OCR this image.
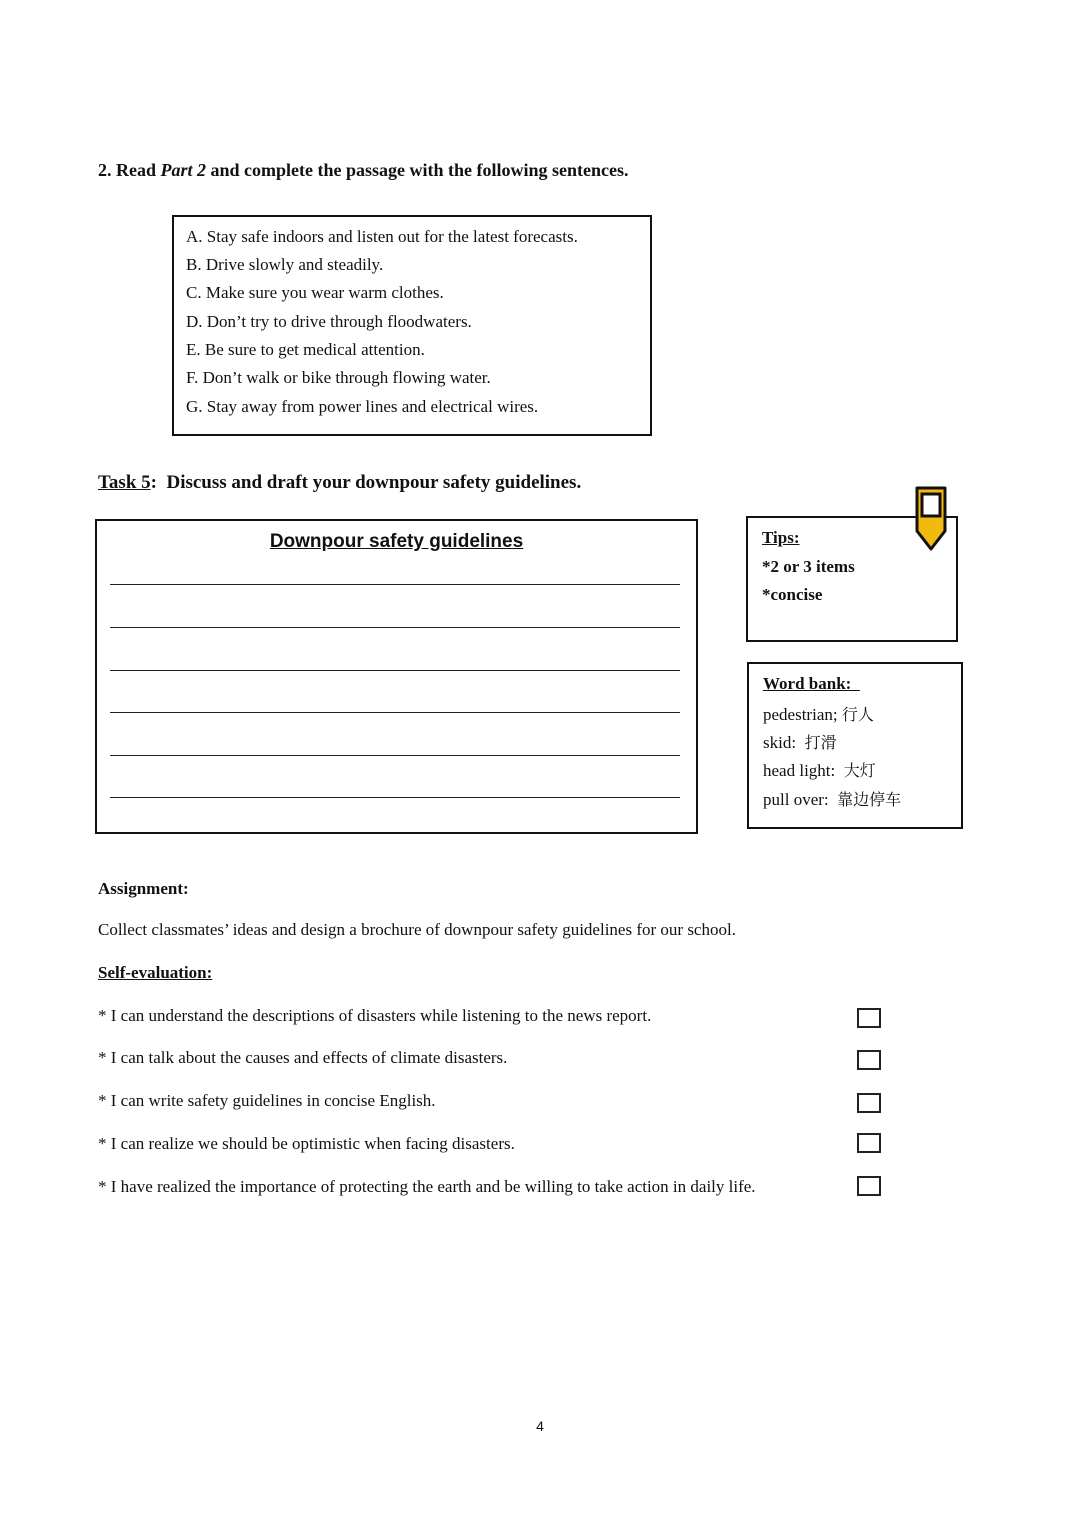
2. Read Part 2 and complete the passage with the following sentences.
A. Stay safe indoors and listen out for the latest forecasts.
B. Drive slowly and steadily.
C. Make sure you wear warm clothes.
D. Don’t try to drive through floodwaters.
E. Be sure to get medical attention.
F. Don’t walk or bike through flowing water.
G. Stay away from power lines and electrical wires.
Task 5: Discuss and draft your downpour safety guidelines.
Downpour safety guidelines	Tips:
*2 or 3 items
*concise
Word bank:
pedestrian; 行人
skid: 打滑
head light: 大灯
pull over: 靠边停车
Assignment:
Collect classmates’ ideas and design a brochure of downpour safety guidelines for our school.
Self-evaluation:
* I can understand the descriptions of disasters while listening to the news report.
* I can talk about the causes and effects of climate disasters.
* I can write safety guidelines in concise English.
* I can realize we should be optimistic when facing disasters.
* I have realized the importance of protecting the earth and be willing to take action in daily life.
4
